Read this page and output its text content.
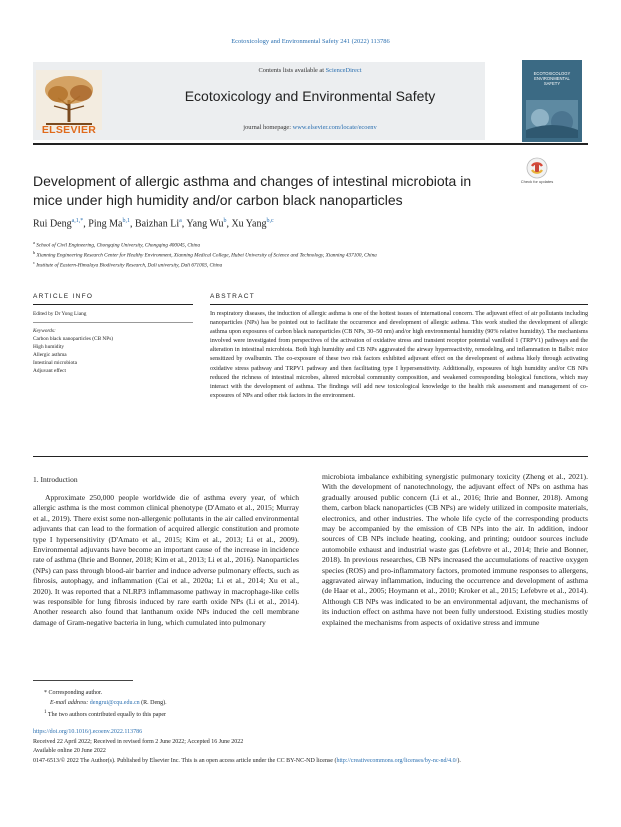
Ecotoxicology and Environmental Safety 241 (2022) 113786
ELSEVIER
Contents lists available at ScienceDirect
Ecotoxicology and Environmental Safety
journal homepage: www.elsevier.com/locate/ecoenv
ECOTOXICOLOGY
ENVIRONMENTAL
SAFETY
Check for updates
Development of allergic asthma and changes of intestinal microbiota in
mice under high humidity and/or carbon black nanoparticles
Rui Deng$^{a,1,*}$, Ping Ma$^{b,1}$, Baizhan Li$^a$, Yang Wu$^b$, Xu Yang$^{b,c}$
$^a$ School of Civil Engineering, Chongqing University, Chongqing 400045, China
$^b$ Xianning Engineering Research Center for Healthy Environment, Xianning Medical College, Hubei University of Science and Technology, Xianning 437100, China
$^c$ Institute of Eastern-Himalaya Biodiversity Research, Dali university, Dali 671003, China
ARTICLE INFO	ABSTRACT
Edited by Dr Yong Liang
Keywords:
Carbon black nanoparticles (CB NPs)
High humidity
Allergic asthma
Intestinal microbiota
Adjuvant effect
In respiratory diseases, the induction of allergic asthma is one of the hottest issues of international concern. The adjuvant effect of air pollutants including nanoparticles (NPs) has be pointed out to facilitate the occurrence and development of allergic asthma. This work studied the development of allergic asthma upon exposures of carbon black nanoparticles (CB NPs, 30–50 nm) and/or high environmental humidity (90% relative humidity). The mechanisms involved were investigated from perspectives of the activation of oxidative stress and transient receptor potential vanilloid 1 (TRPV1) pathways and the alteration in intestinal microbiota. Both high humidity and CB NPs aggravated the airway hyperreactivity, remodeling, and inflammation in Balb/c mice sensitized by ovalbumin. The co-exposure of these two risk factors exhibited adjuvant effect on the development of asthma likely through activating oxidative stress pathway and TRPV1 pathway and then facilitating type I hypersensitivity. Additionally, exposures of high humidity and/or CB NPs reduced the richness of intestinal microbes, altered microbial community composition, and weakened corresponding biological functions, which may interact with the development of asthma. The findings will add new toxicological knowledge to the health risk assessment and management of co-exposures of NPs and other risk factors in the environment.
1. Introduction

Approximate 250,000 people worldwide die of asthma every year, of which allergic asthma is the most common clinical phenotype (D'Amato et al., 2015; Murray et al., 2019). There exist some non-allergenic pollutants in the air called environmental adjuvants that can lead to the formation of acquired allergic constitution and promote type I hypersensitivity (D'Amato et al., 2015; Kim et al., 2013; Li et al., 2009). Environmental adjuvants have become an important cause of the increase in incidence rate of asthma (Ihrie and Bonner, 2018; Kim et al., 2013; Li et al., 2016). Nanoparticles (NPs) can pass through blood-air barrier and induce adverse pulmonary effects, such as fibrosis, autophagy, and inflammation (Cai et al., 2020a; Li et al., 2014; Xu et al., 2020). It was reported that a NLRP3 inflammasome pathway in macrophage-like cells was responsible for lung fibrosis induced by rare earth oxide NPs (Li et al., 2014). Another research also found that lanthanum oxide NPs induced the cell membrane damage of Gram-negative bacteria in lung, which cumulated into pulmonary

microbiota imbalance exhibiting synergistic pulmonary toxicity (Zheng et al., 2021). With the development of nanotechnology, the adjuvant effect of NPs on asthma has gradually aroused public concern (Li et al., 2016; Ihrie and Bonner, 2018). Among them, carbon black nanoparticles (CB NPs) are widely utilized in composite materials, electronics, and other industries. The whole life cycle of the corresponding products may be accompanied by the emission of CB NPs into the air. In addition, indoor sources of CB NPs include heating, cooking, and printing; outdoor sources include automobile exhaust and industrial waste gas (Lefebvre et al., 2014; Ihrie and Bonner, 2018). In previous researches, CB NPs increased the accumulations of reactive oxygen species (ROS) and pro-inflammatory factors, promoted immune responses to allergens, aggravated airway inflammation, inducing the occurrence and development of asthma (de Haar et al., 2005; Hoymann et al., 2010; Kroker et al., 2015; Lefebvre et al., 2014). Although CB NPs was indicated to be an environmental adjuvant, the mechanisms of its induction effect on asthma have not been fully understood. Existing studies mostly explained the mechanisms from aspects of oxidative stress and immune

* Corresponding author.
E-mail address: dengrui@cqu.edu.cn (R. Deng).
$^1$ The two authors contributed equally to this paper
https://doi.org/10.1016/j.ecoenv.2022.113786
Received 22 April 2022; Received in revised form 2 June 2022; Accepted 16 June 2022
Available online 20 June 2022
0147-6513/© 2022 The Author(s). Published by Elsevier Inc. This is an open access article under the CC BY-NC-ND license (http://creativecommons.org/licenses/by-nc-nd/4.0/).
